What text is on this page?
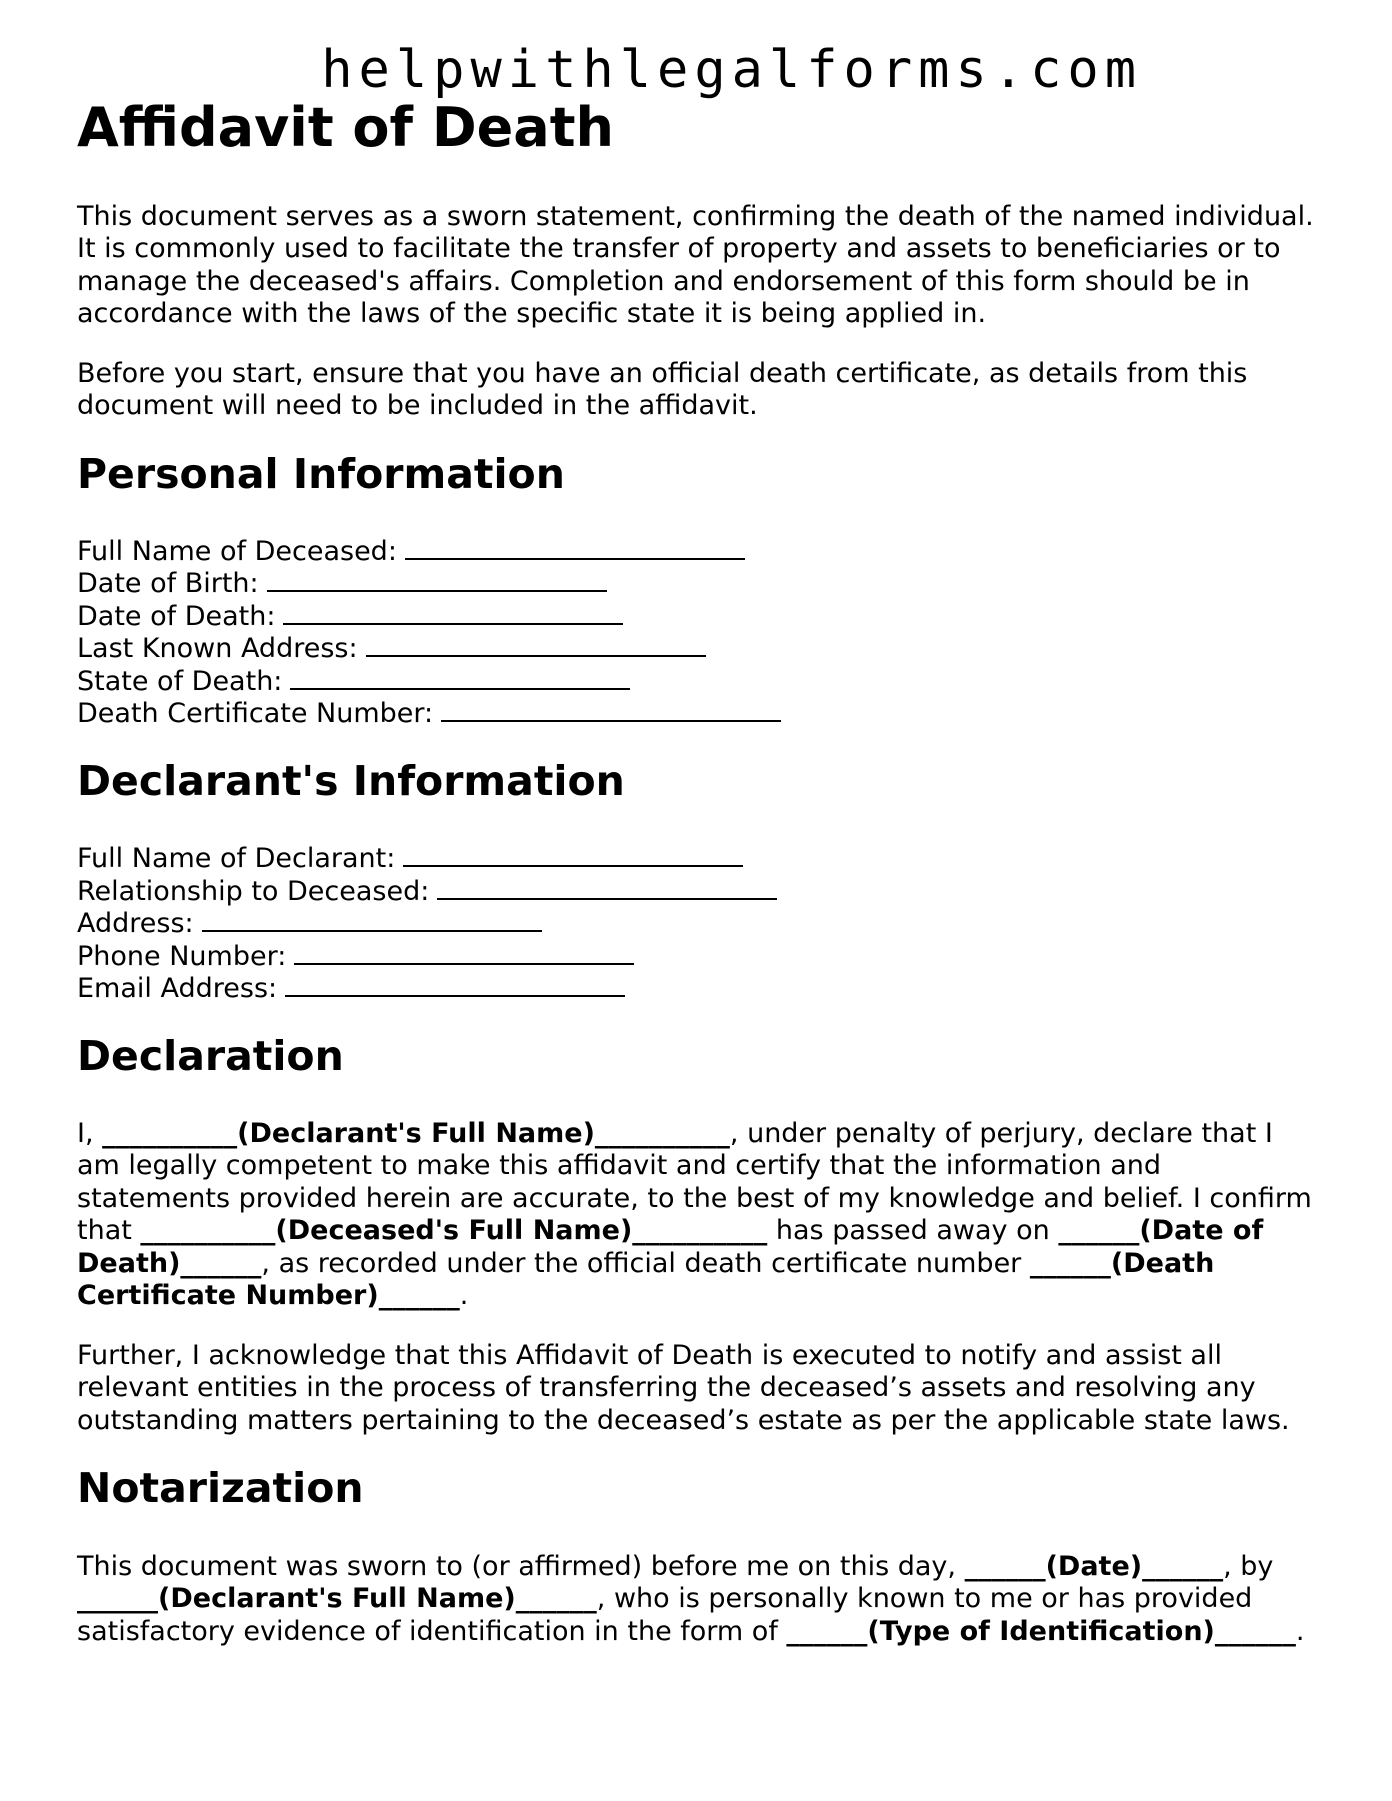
helpwithlegalforms.com
Affidavit of Death

This document serves as a sworn statement, confirming the death of the named individual. It is commonly used to facilitate the transfer of property and assets to beneficiaries or to manage the deceased's affairs. Completion and endorsement of this form should be in accordance with the laws of the specific state it is being applied in.

Before you start, ensure that you have an official death certificate, as details from this document will need to be included in the affidavit.

Personal Information
Full Name of Deceased:
Date of Birth:
Date of Death:
Last Known Address:
State of Death:
Death Certificate Number:
Declarant's Information
Full Name of Declarant:
Relationship to Deceased:
Address:
Phone Number:
Email Address:
Declaration

I, __________(Declarant's Full Name)__________, under penalty of perjury, declare that I am legally competent to make this affidavit and certify that the information and statements provided herein are accurate, to the best of my knowledge and belief. I confirm that __________(Deceased's Full Name)__________ has passed away on ______(Date of Death)______, as recorded under the official death certificate number ______(Death Certificate Number)______.

Further, I acknowledge that this Affidavit of Death is executed to notify and assist all relevant entities in the process of transferring the deceased’s assets and resolving any outstanding matters pertaining to the deceased’s estate as per the applicable state laws.

Notarization

This document was sworn to (or affirmed) before me on this day, ______(Date)______, by ______(Declarant's Full Name)______, who is personally known to me or has provided satisfactory evidence of identification in the form of ______(Type of Identification)______.
